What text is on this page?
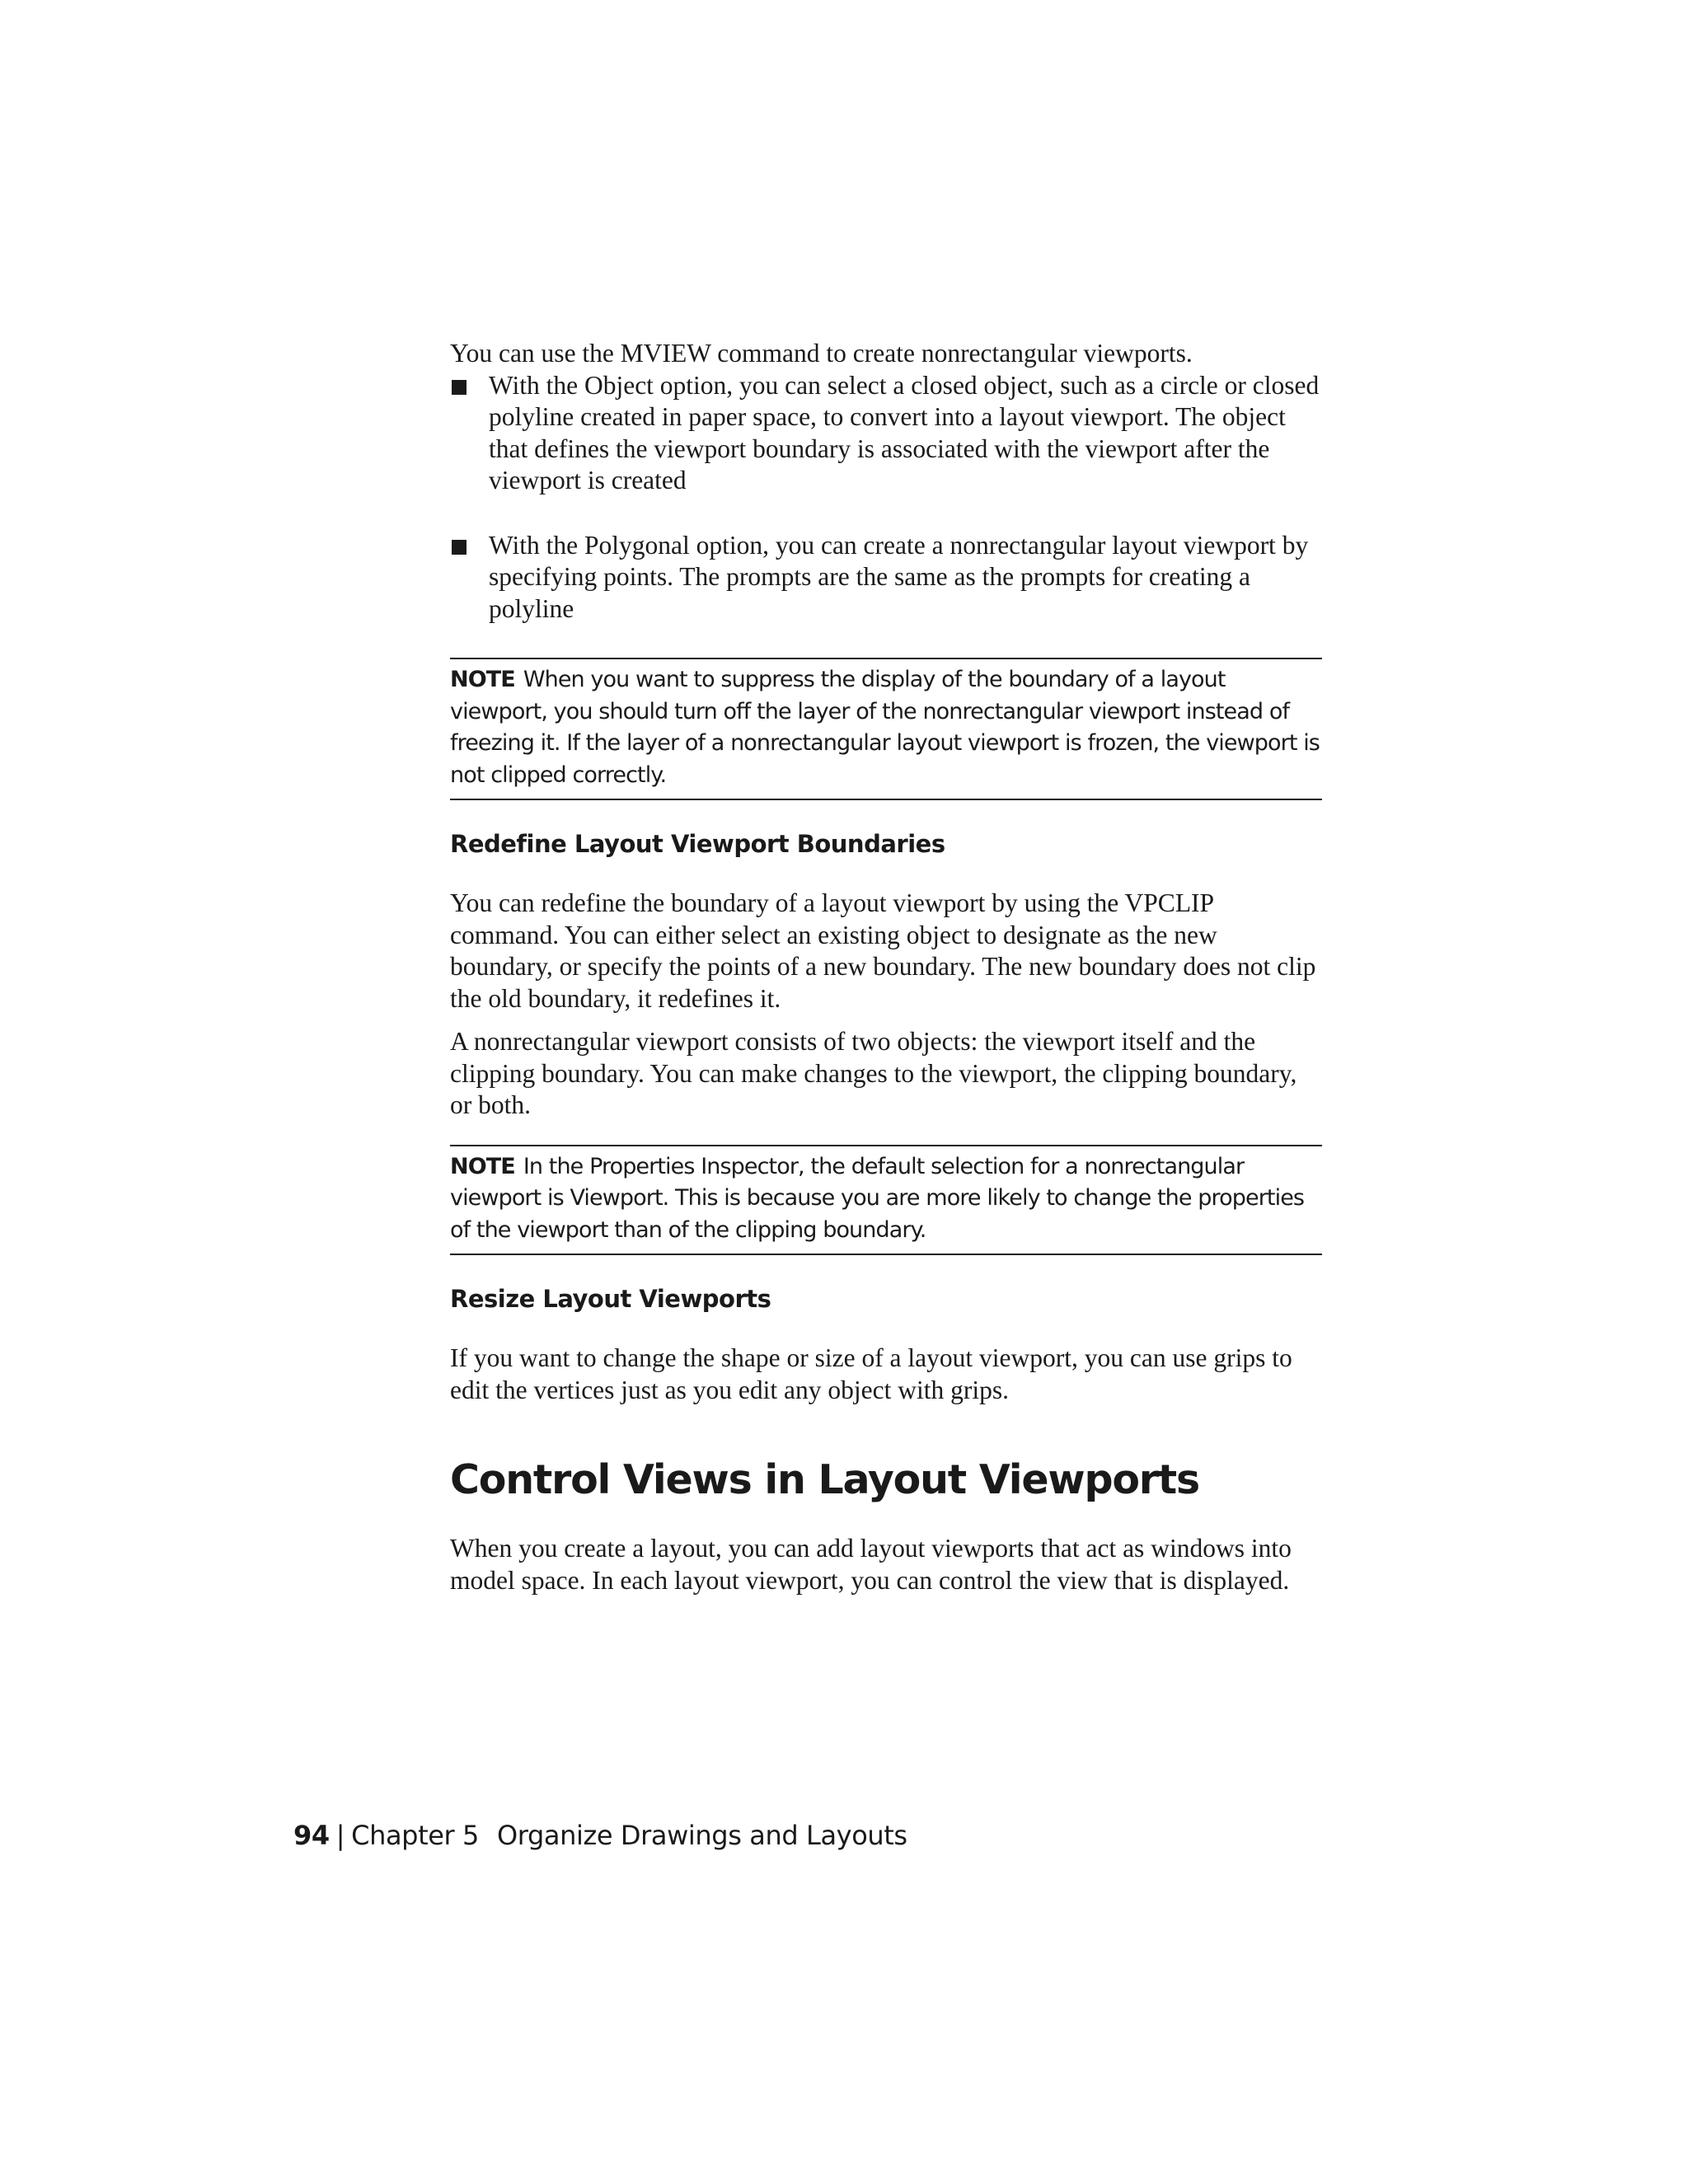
You can use the MVIEW command to create nonrectangular viewports.

With the Object option, you can select a closed object, such as a circle or closed polyline created in paper space, to convert into a layout viewport. The object that defines the viewport boundary is associated with the viewport after the viewport is created
With the Polygonal option, you can create a nonrectangular layout viewport by specifying points. The prompts are the same as the prompts for creating a polyline
NOTE When you want to suppress the display of the boundary of a layout viewport, you should turn off the layer of the nonrectangular viewport instead of freezing it. If the layer of a nonrectangular layout viewport is frozen, the viewport is not clipped correctly.
Redefine Layout Viewport Boundaries

You can redefine the boundary of a layout viewport by using the VPCLIP command. You can either select an existing object to designate as the new boundary, or specify the points of a new boundary. The new boundary does not clip the old boundary, it redefines it.

A nonrectangular viewport consists of two objects: the viewport itself and the clipping boundary. You can make changes to the viewport, the clipping boundary, or both.

NOTE In the Properties Inspector, the default selection for a nonrectangular viewport is Viewport. This is because you are more likely to change the properties of the viewport than of the clipping boundary.
Resize Layout Viewports

If you want to change the shape or size of a layout viewport, you can use grips to edit the vertices just as you edit any object with grips.

Control Views in Layout Viewports

When you create a layout, you can add layout viewports that act as windows into model space. In each layout viewport, you can control the view that is displayed.

94 | Chapter 5 Organize Drawings and Layouts
